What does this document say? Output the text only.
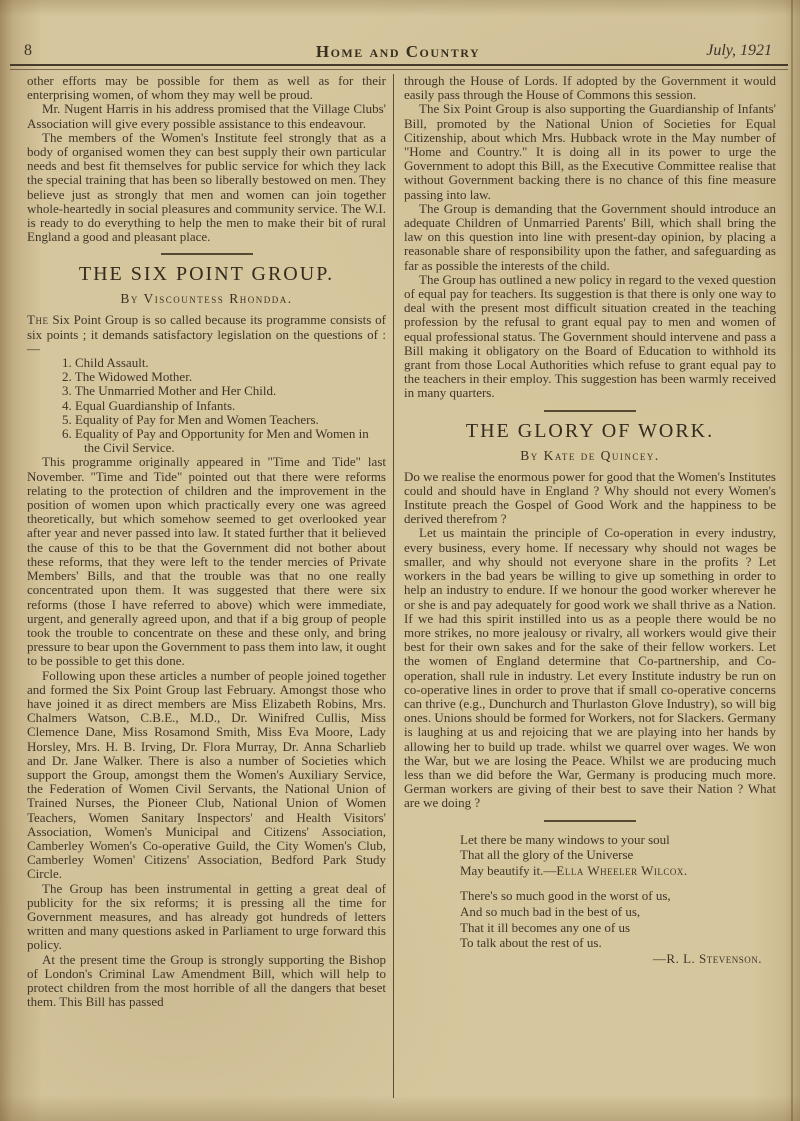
8	Home and Country	July, 1921

other efforts may be possible for them as well as for their enterprising women, of whom they may well be proud.

Mr. Nugent Harris in his address promised that the Village Clubs' Association will give every possible assistance to this endeavour.

The members of the Women's Institute feel strongly that as a body of organised women they can best supply their own particular needs and best fit themselves for public service for which they lack the special training that has been so liberally bestowed on men. They believe just as strongly that men and women can join together whole-heartedly in social pleasures and community service. The W.I. is ready to do everything to help the men to make their bit of rural England a good and pleasant place.

THE SIX POINT GROUP.
By Viscountess Rhondda.

The Six Point Group is so called because its programme consists of six points ; it demands satisfactory legislation on the questions of :—

1. Child Assault.
2. The Widowed Mother.
3. The Unmarried Mother and Her Child.
4. Equal Guardianship of Infants.
5. Equality of Pay for Men and Women Teachers.
6. Equality of Pay and Opportunity for Men and Women in the Civil Service.

This programme originally appeared in "Time and Tide" last November. "Time and Tide" pointed out that there were reforms relating to the protection of children and the improvement in the position of women upon which practically every one was agreed theoretically, but which somehow seemed to get overlooked year after year and never passed into law. It stated further that it believed the cause of this to be that the Government did not bother about these reforms, that they were left to the tender mercies of Private Members' Bills, and that the trouble was that no one really concentrated upon them. It was suggested that there were six reforms (those I have referred to above) which were immediate, urgent, and generally agreed upon, and that if a big group of people took the trouble to concentrate on these and these only, and bring pressure to bear upon the Government to pass them into law, it ought to be possible to get this done.

Following upon these articles a number of people joined together and formed the Six Point Group last February. Amongst those who have joined it as direct members are Miss Elizabeth Robins, Mrs. Chalmers Watson, C.B.E., M.D., Dr. Winifred Cullis, Miss Clemence Dane, Miss Rosamond Smith, Miss Eva Moore, Lady Horsley, Mrs. H. B. Irving, Dr. Flora Murray, Dr. Anna Scharlieb and Dr. Jane Walker. There is also a number of Societies which support the Group, amongst them the Women's Auxiliary Service, the Federation of Women Civil Servants, the National Union of Trained Nurses, the Pioneer Club, National Union of Women Teachers, Women Sanitary Inspectors' and Health Visitors' Association, Women's Municipal and Citizens' Association, Camberley Women's Co-operative Guild, the City Women's Club, Camberley Women' Citizens' Association, Bedford Park Study Circle.

The Group has been instrumental in getting a great deal of publicity for the six reforms; it is pressing all the time for Government measures, and has already got hundreds of letters written and many questions asked in Parliament to urge forward this policy.

At the present time the Group is strongly supporting the Bishop of London's Criminal Law Amendment Bill, which will help to protect children from the most horrible of all the dangers that beset them. This Bill has passed

through the House of Lords. If adopted by the Government it would easily pass through the House of Commons this session.

The Six Point Group is also supporting the Guardianship of Infants' Bill, promoted by the National Union of Societies for Equal Citizenship, about which Mrs. Hubback wrote in the May number of "Home and Country." It is doing all in its power to urge the Government to adopt this Bill, as the Executive Committee realise that without Government backing there is no chance of this fine measure passing into law.

The Group is demanding that the Government should introduce an adequate Children of Unmarried Parents' Bill, which shall bring the law on this question into line with present-day opinion, by placing a reasonable share of responsibility upon the father, and safeguarding as far as possible the interests of the child.

The Group has outlined a new policy in regard to the vexed question of equal pay for teachers. Its suggestion is that there is only one way to deal with the present most difficult situation created in the teaching profession by the refusal to grant equal pay to men and women of equal professional status. The Government should intervene and pass a Bill making it obligatory on the Board of Education to withhold its grant from those Local Authorities which refuse to grant equal pay to the teachers in their employ. This suggestion has been warmly received in many quarters.

THE GLORY OF WORK.
By Kate de Quincey.

Do we realise the enormous power for good that the Women's Institutes could and should have in England ? Why should not every Women's Institute preach the Gospel of Good Work and the happiness to be derived therefrom ?

Let us maintain the principle of Co-operation in every industry, every business, every home. If necessary why should not wages be smaller, and why should not everyone share in the profits ? Let workers in the bad years be willing to give up something in order to help an industry to endure. If we honour the good worker wherever he or she is and pay adequately for good work we shall thrive as a Nation. If we had this spirit instilled into us as a people there would be no more strikes, no more jealousy or rivalry, all workers would give their best for their own sakes and for the sake of their fellow workers. Let the women of England determine that Co-partnership, and Co-operation, shall rule in industry. Let every Institute industry be run on co-operative lines in order to prove that if small co-operative concerns can thrive (e.g., Dunchurch and Thurlaston Glove Industry), so will big ones. Unions should be formed for Workers, not for Slackers. Germany is laughing at us and rejoicing that we are playing into her hands by allowing her to build up trade. whilst we quarrel over wages. We won the War, but we are losing the Peace. Whilst we are producing much less than we did before the War, Germany is producing much more. German workers are giving of their best to save their Nation ? What are we doing ?

Let there be many windows to your soul
That all the glory of the Universe
May beautify it.—Ella Wheeler Wilcox.
There's so much good in the worst of us,
And so much bad in the best of us,
That it ill becomes any one of us
To talk about the rest of us.
—R. L. Stevenson.
